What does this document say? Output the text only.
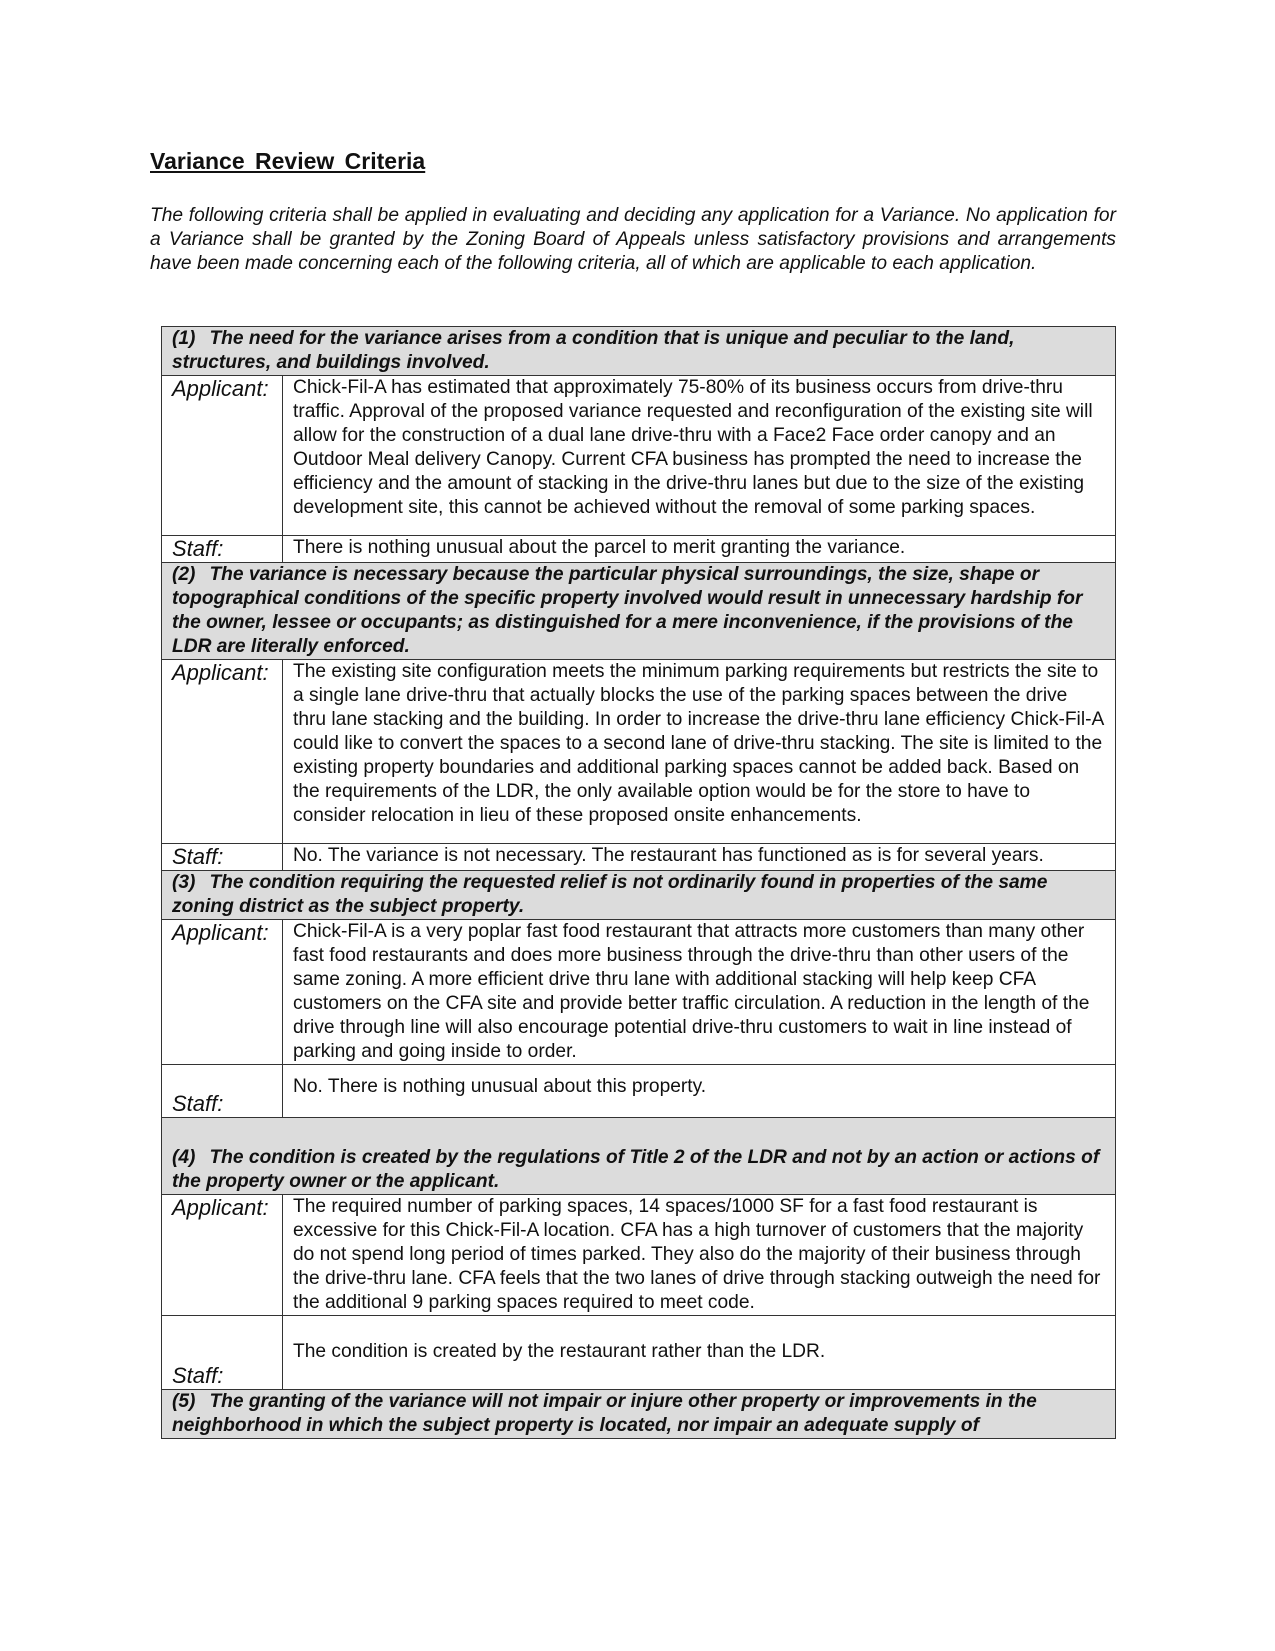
Variance Review Criteria
The following criteria shall be applied in evaluating and deciding any application for a Variance. No application for a Variance shall be granted by the Zoning Board of Appeals unless satisfactory provisions and arrangements have been made concerning each of the following criteria, all of which are applicable to each application.
(1) The need for the variance arises from a condition that is unique and peculiar to the land, structures, and buildings involved.	
Applicant:	Chick-Fil-A has estimated that approximately 75-80% of its business occurs from drive-thru traffic. Approval of the proposed variance requested and reconfiguration of the existing site will allow for the construction of a dual lane drive-thru with a Face2 Face order canopy and an Outdoor Meal delivery Canopy. Current CFA business has prompted the need to increase the efficiency and the amount of stacking in the drive-thru lanes but due to the size of the existing development site, this cannot be achieved without the removal of some parking spaces.
Staff:	There is nothing unusual about the parcel to merit granting the variance.
(2) The variance is necessary because the particular physical surroundings, the size, shape or topographical conditions of the specific property involved would result in unnecessary hardship for the owner, lessee or occupants; as distinguished for a mere inconvenience, if the provisions of the LDR are literally enforced.	
Applicant:	The existing site configuration meets the minimum parking requirements but restricts the site to a single lane drive-thru that actually blocks the use of the parking spaces between the drive thru lane stacking and the building. In order to increase the drive-thru lane efficiency Chick-Fil-A could like to convert the spaces to a second lane of drive-thru stacking. The site is limited to the existing property boundaries and additional parking spaces cannot be added back. Based on the requirements of the LDR, the only available option would be for the store to have to consider relocation in lieu of these proposed onsite enhancements.
Staff:	No. The variance is not necessary. The restaurant has functioned as is for several years.
(3) The condition requiring the requested relief is not ordinarily found in properties of the same zoning district as the subject property.	
Applicant:	Chick-Fil-A is a very poplar fast food restaurant that attracts more customers than many other fast food restaurants and does more business through the drive-thru than other users of the same zoning. A more efficient drive thru lane with additional stacking will help keep CFA customers on the CFA site and provide better traffic circulation. A reduction in the length of the drive through line will also encourage potential drive-thru customers to wait in line instead of parking and going inside to order.
Staff:	No. There is nothing unusual about this property.
(4) The condition is created by the regulations of Title 2 of the LDR and not by an action or actions of the property owner or the applicant.	
Applicant:	The required number of parking spaces, 14 spaces/1000 SF for a fast food restaurant is excessive for this Chick-Fil-A location. CFA has a high turnover of customers that the majority do not spend long period of times parked. They also do the majority of their business through the drive-thru lane. CFA feels that the two lanes of drive through stacking outweigh the need for the additional 9 parking spaces required to meet code.
Staff:	The condition is created by the restaurant rather than the LDR.
(5) The granting of the variance will not impair or injure other property or improvements in the neighborhood in which the subject property is located, nor impair an adequate supply of	
